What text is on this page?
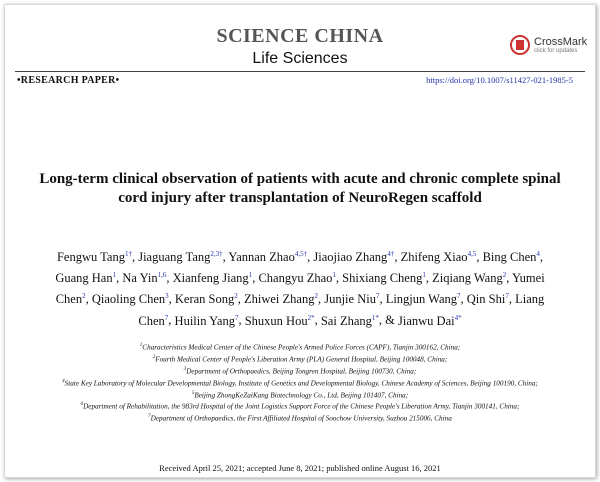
SCIENCE CHINA
Life Sciences
CrossMark
click for updates
•RESEARCH PAPER•	https://doi.org/10.1007/s11427-021-1985-5
Long-term clinical observation of patients with acute and chronic complete spinal cord injury after transplantation of NeuroRegen scaffold
Fengwu Tang$^{1\dagger}$, Jiaguang Tang$^{2,3\dagger}$, Yannan Zhao$^{4,5\dagger}$, Jiaojiao Zhang$^{4\dagger}$, Zhifeng Xiao$^{4,5}$, Bing Chen$^4$, Guang Han$^1$, Na Yin$^{1,6}$, Xianfeng Jiang$^1$, Changyu Zhao$^1$, Shixiang Cheng$^1$, Ziqiang Wang$^2$, Yumei Chen$^2$, Qiaoling Chen$^3$, Keran Song$^2$, Zhiwei Zhang$^2$, Junjie Niu$^7$, Lingjun Wang$^7$, Qin Shi$^7$, Liang Chen$^7$, Huilin Yang$^7$, Shuxun Hou$^{2*}$, Sai Zhang$^{1*}$, & Jianwu Dai$^{4*}$
$^1$Characteristics Medical Center of the Chinese People's Armed Police Forces (CAPF), Tianjin 300162, China;
$^2$Fourth Medical Center of People's Liberation Army (PLA) General Hospital, Beijing 100048, China;
$^3$Department of Orthopaedics, Beijing Tongren Hospital, Beijing 100730, China;
$^4$State Key Laboratory of Molecular Developmental Biology, Institute of Genetics and Developmental Biology, Chinese Academy of Sciences, Beijing 100190, China;
$^5$Beijing ZhongKeZaiKang Biotechnology Co., Ltd, Beijing 101407, China;
$^6$Department of Rehabilitation, the 983rd Hospital of the Joint Logistics Support Force of the Chinese People's Liberation Army, Tianjin 300141, China;
$^7$Department of Orthopaedics, the First Affiliated Hospital of Soochow University, Suzhou 215006, China
Received April 25, 2021; accepted June 8, 2021; published online August 16, 2021
